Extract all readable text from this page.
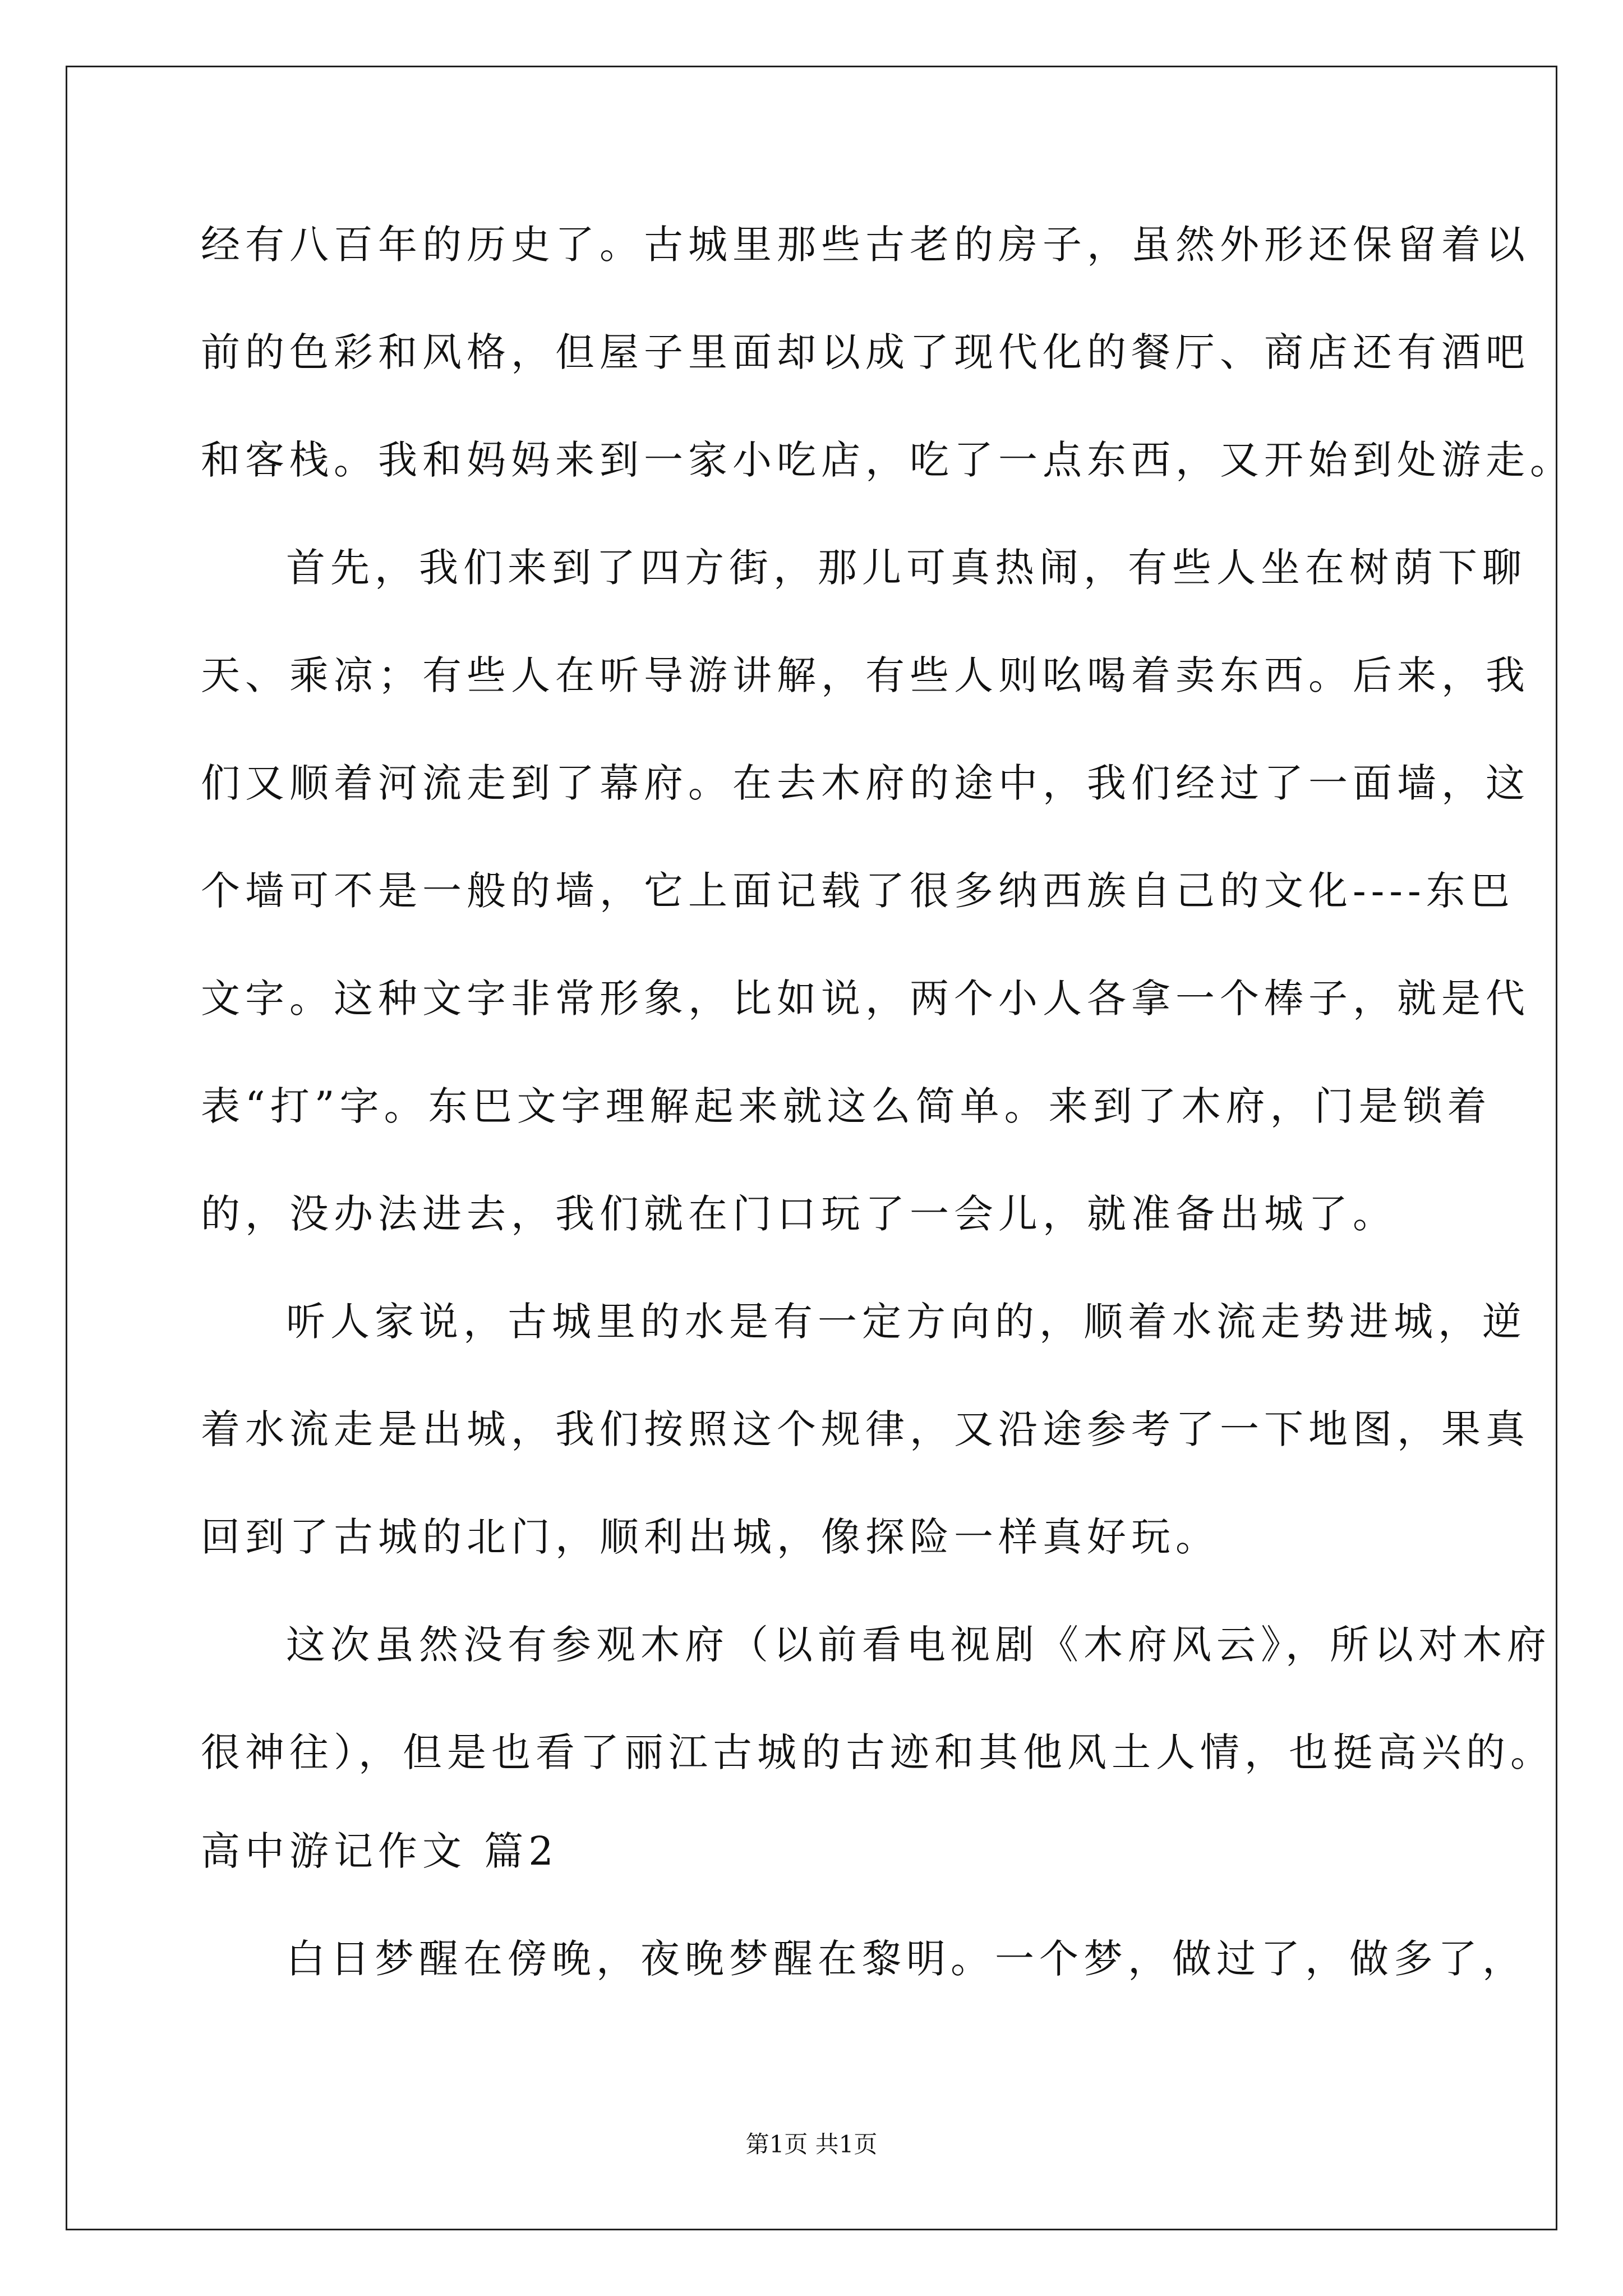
经有八百年的历史了。古城里那些古老的房子，虽然外形还保留着以
前的色彩和风格，但屋子里面却以成了现代化的餐厅、商店还有酒吧
和客栈。我和妈妈来到一家小吃店，吃了一点东西，又开始到处游走。
首先，我们来到了四方街，那儿可真热闹，有些人坐在树荫下聊
天、乘凉；有些人在听导游讲解，有些人则吆喝着卖东西。后来，我
们又顺着河流走到了幕府。在去木府的途中，我们经过了一面墙，这
个墙可不是一般的墙，它上面记载了很多纳西族自己的文化----东巴
文字。这种文字非常形象，比如说，两个小人各拿一个棒子，就是代
表“打”字。东巴文字理解起来就这么简单。来到了木府，门是锁着
的，没办法进去，我们就在门口玩了一会儿，就准备出城了。
听人家说，古城里的水是有一定方向的，顺着水流走势进城，逆
着水流走是出城，我们按照这个规律，又沿途参考了一下地图，果真
回到了古城的北门，顺利出城，像探险一样真好玩。
这次虽然没有参观木府（以前看电视剧《木府风云》，所以对木府
很神往），但是也看了丽江古城的古迹和其他风土人情，也挺高兴的。
高中游记作文 篇2
白日梦醒在傍晚，夜晚梦醒在黎明。一个梦，做过了，做多了，
第1页 共1页
